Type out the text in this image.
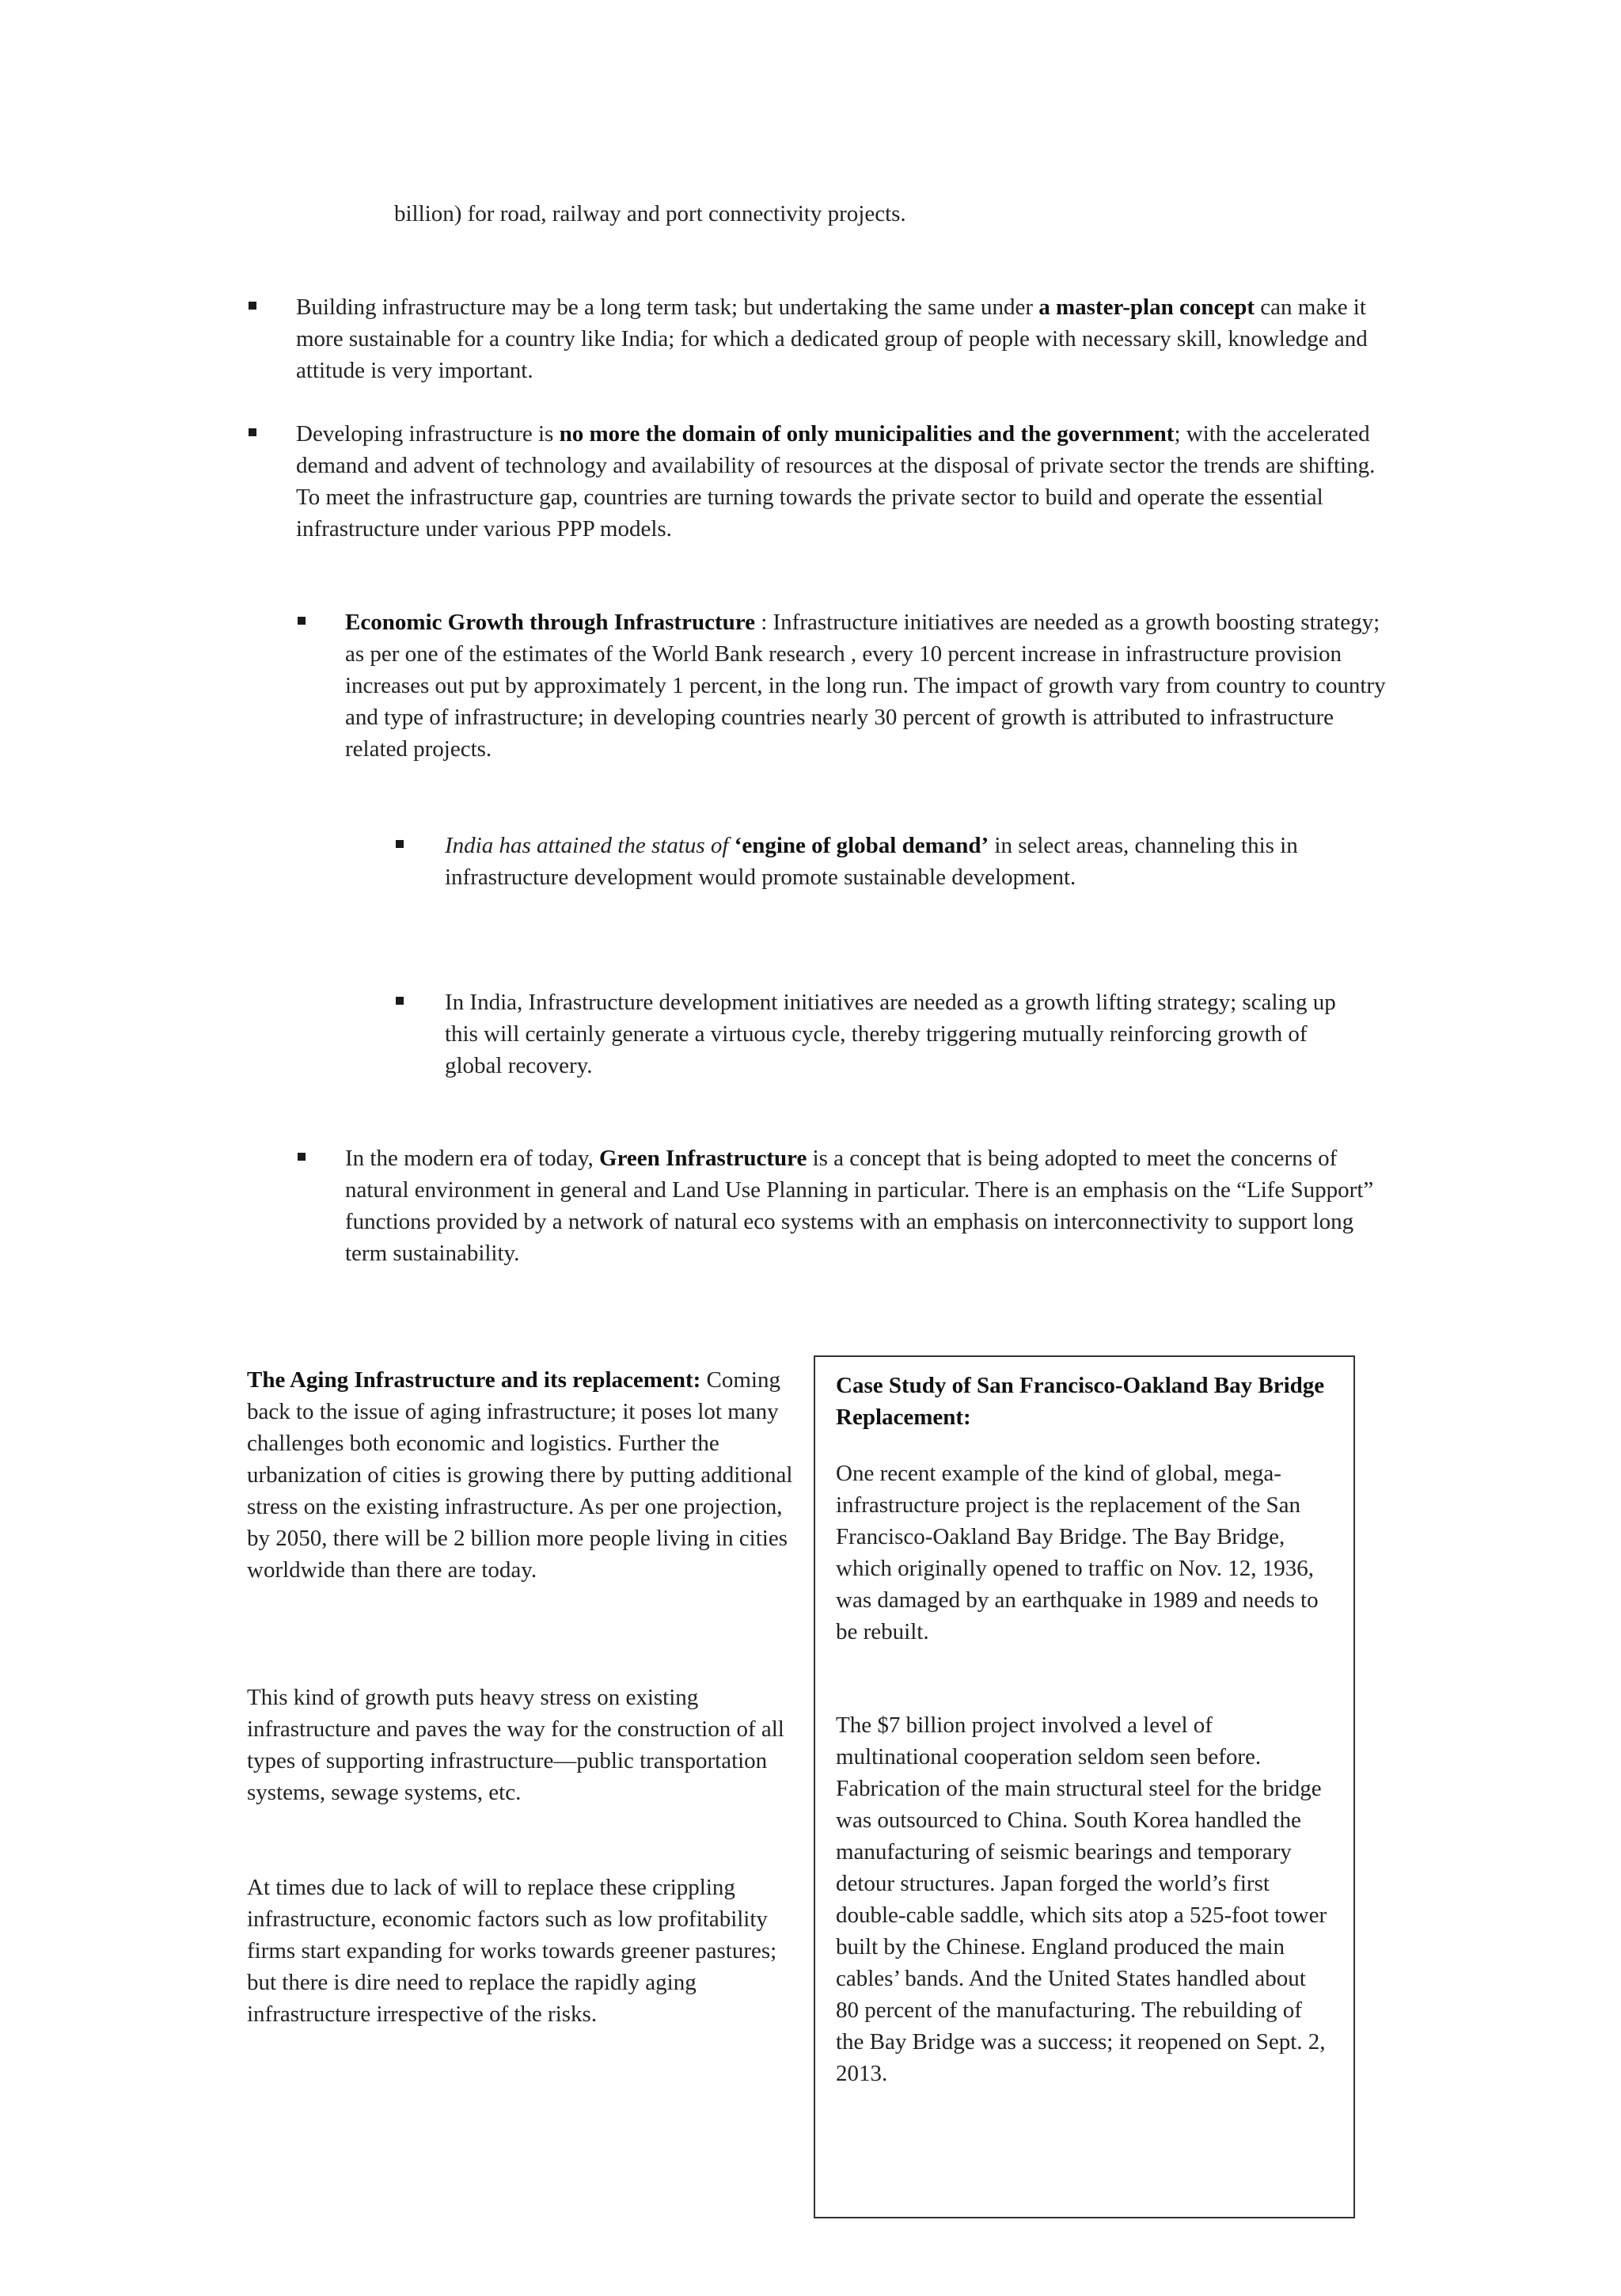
billion) for road, railway and port connectivity projects.

Building infrastructure may be a long term task; but undertaking the same under a master-plan concept can make it more sustainable for a country like India; for which a dedicated group of people with necessary skill, knowledge and attitude is very important.

Developing infrastructure is no more the domain of only municipalities and the government; with the accelerated demand and advent of technology and availability of resources at the disposal of private sector the trends are shifting. To meet the infrastructure gap, countries are turning towards the private sector to build and operate the essential infrastructure under various PPP models.

Economic Growth through Infrastructure : Infrastructure initiatives are needed as a growth boosting strategy; as per one of the estimates of the World Bank research , every 10 percent increase in infrastructure provision increases out put by approximately 1 percent, in the long run. The impact of growth vary from country to country and type of infrastructure; in developing countries nearly 30 percent of growth is attributed to infrastructure related projects.

India has attained the status of ‘engine of global demand’ in select areas, channeling this in infrastructure development would promote sustainable development.

In India, Infrastructure development initiatives are needed as a growth lifting strategy; scaling up this will certainly generate a virtuous cycle, thereby triggering mutually reinforcing growth of global recovery.

In the modern era of today, Green Infrastructure is a concept that is being adopted to meet the concerns of natural environment in general and Land Use Planning in particular. There is an emphasis on the “Life Support” functions provided by a network of natural eco systems with an emphasis on interconnectivity to support long term sustainability.

The Aging Infrastructure and its replacement: Coming back to the issue of aging infrastructure; it poses lot many challenges both economic and logistics. Further the urbanization of cities is growing there by putting additional stress on the existing infrastructure. As per one projection, by 2050, there will be 2 billion more people living in cities worldwide than there are today.

This kind of growth puts heavy stress on existing infrastructure and paves the way for the construction of all types of supporting infrastructure—public transportation systems, sewage systems, etc.

At times due to lack of will to replace these crippling infrastructure, economic factors such as low profitability firms start expanding for works towards greener pastures; but there is dire need to replace the rapidly aging infrastructure irrespective of the risks.

Case Study of San Francisco-Oakland Bay Bridge Replacement:

One recent example of the kind of global, mega-infrastructure project is the replacement of the San Francisco-Oakland Bay Bridge. The Bay Bridge, which originally opened to traffic on Nov. 12, 1936, was damaged by an earthquake in 1989 and needs to be rebuilt.

The $7 billion project involved a level of multinational cooperation seldom seen before. Fabrication of the main structural steel for the bridge was outsourced to China. South Korea handled the manufacturing of seismic bearings and temporary detour structures. Japan forged the world’s first double-cable saddle, which sits atop a 525-foot tower built by the Chinese. England produced the main cables’ bands. And the United States handled about 80 percent of the manufacturing. The rebuilding of the Bay Bridge was a success; it reopened on Sept. 2, 2013.
